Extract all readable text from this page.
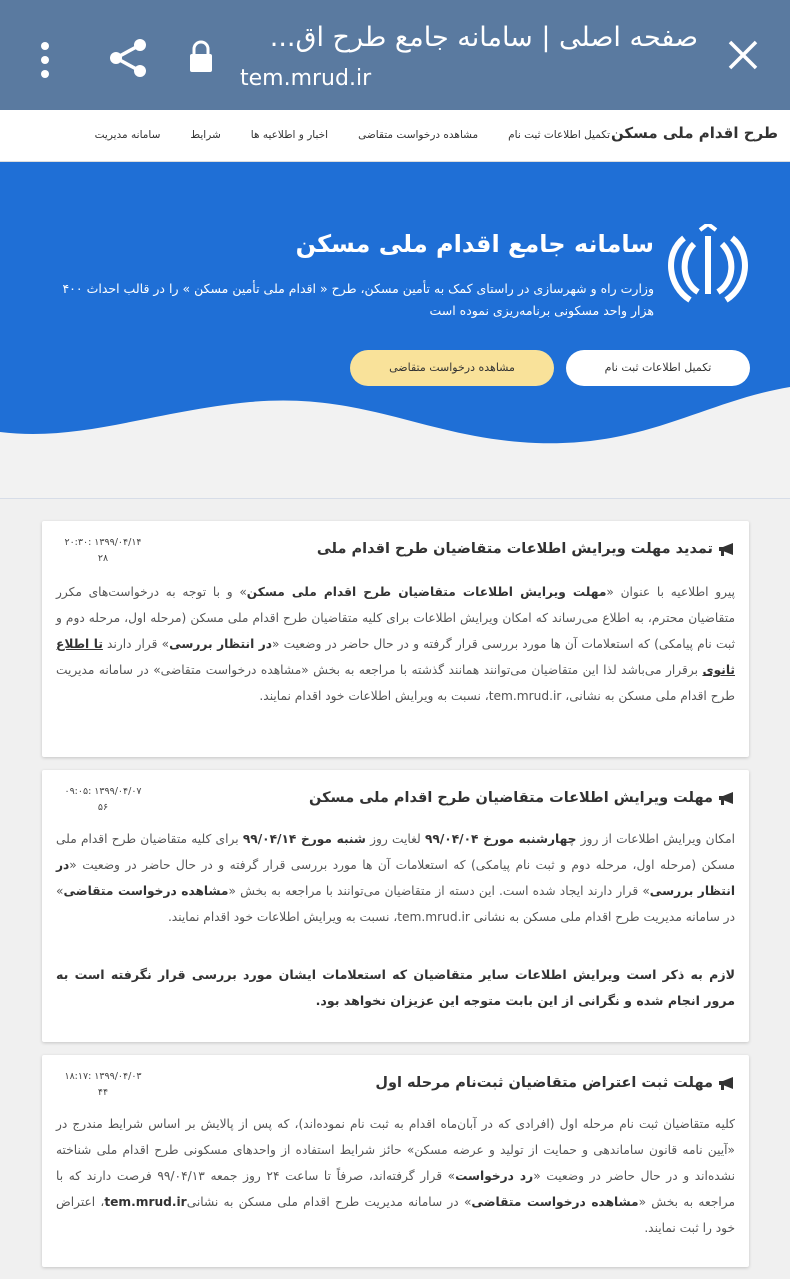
صفحه اصلی | سامانه جامع طرح اق...
tem.mrud.ir
طرح اقدام ملی مسکن
تکمیل اطلاعات ثبت نام
مشاهده درخواست متقاضی
اخبار و اطلاعیه ها
شرایط
سامانه مدیریت
سامانه جامع اقدام ملی مسکن
وزارت راه و شهرسازی در راستای کمک به تأمین مسکن، طرح « اقدام ملی تأمین مسکن » را در قالب احداث ۴۰۰ هزار واحد مسکونی برنامه‌ریزی نموده است
تکمیل اطلاعات ثبت نام
مشاهده درخواست متقاضی
تمدید مهلت ویرایش اطلاعات متقاضیان طرح اقدام ملی
۲۰:۳۰: ۱۳۹۹/۰۴/۱۴
۲۸
پیرو اطلاعیه با عنوان «مهلت ویرایش اطلاعات متقاضیان طرح اقدام ملی مسکن» و با توجه به درخواست‌های مکرر متقاضیان محترم، به اطلاع می‌رساند که امکان ویرایش اطلاعات برای کلیه متقاضیان طرح اقدام ملی مسکن (مرحله اول، مرحله دوم و ثبت نام پیامکی) که استعلامات آن ها مورد بررسی قرار گرفته و در حال حاضر در وضعیت «در انتظار بررسی» قرار دارند تا اطلاع ثانوی برقرار می‌باشد لذا این متقاضیان می‌توانند همانند گذشته با مراجعه به بخش «مشاهده درخواست متقاضی» در سامانه مدیریت طرح اقدام ملی مسکن به نشانی، tem.mrud.ir، نسبت به ویرایش اطلاعات خود اقدام نمایند.
مهلت ویرایش اطلاعات متقاضیان طرح اقدام ملی مسکن
۰۹:۰۵: ۱۳۹۹/۰۴/۰۷
۵۶
امکان ویرایش اطلاعات از روز چهارشنبه مورخ ۹۹/۰۴/۰۴ لغایت روز شنبه مورخ ۹۹/۰۴/۱۴ برای کلیه متقاضیان طرح اقدام ملی مسکن (مرحله اول، مرحله دوم و ثبت نام پیامکی) که استعلامات آن ها مورد بررسی قرار گرفته و در حال حاضر در وضعیت «در انتظار بررسی» قرار دارند ایجاد شده است. این دسته از متقاضیان می‌توانند با مراجعه به بخش «مشاهده درخواست متقاضی» در سامانه مدیریت طرح اقدام ملی مسکن به نشانی tem.mrud.ir، نسبت به ویرایش اطلاعات خود اقدام نمایند.
لازم به ذکر است ویرایش اطلاعات سایر متقاضیان که استعلامات ایشان مورد بررسی قرار نگرفته است به مرور انجام شده و نگرانی از این بابت متوجه این عزیزان نخواهد بود.
مهلت ثبت اعتراض متقاضیان ثبت‌نام مرحله اول
۱۸:۱۷: ۱۳۹۹/۰۴/۰۳
۴۴
کلیه متقاضیان ثبت نام مرحله اول (افرادی که در آبان‌ماه اقدام به ثبت نام نموده‌اند)، که پس از پالایش بر اساس شرایط مندرج در «آیین نامه قانون ساماندهی و حمایت از تولید و عرضه مسکن» حائز شرایط استفاده از واحدهای مسکونی طرح اقدام ملی شناخته نشده‌اند و در حال حاضر در وضعیت «رد درخواست» قرار گرفته‌اند، صرفاً تا ساعت ۲۴ روز جمعه ۹۹/۰۴/۱۳ فرصت دارند که با مراجعه به بخش «مشاهده درخواست متقاضی» در سامانه مدیریت طرح اقدام ملی مسکن به نشانیtem.mrud.ir، اعتراض خود را ثبت نمایند.
